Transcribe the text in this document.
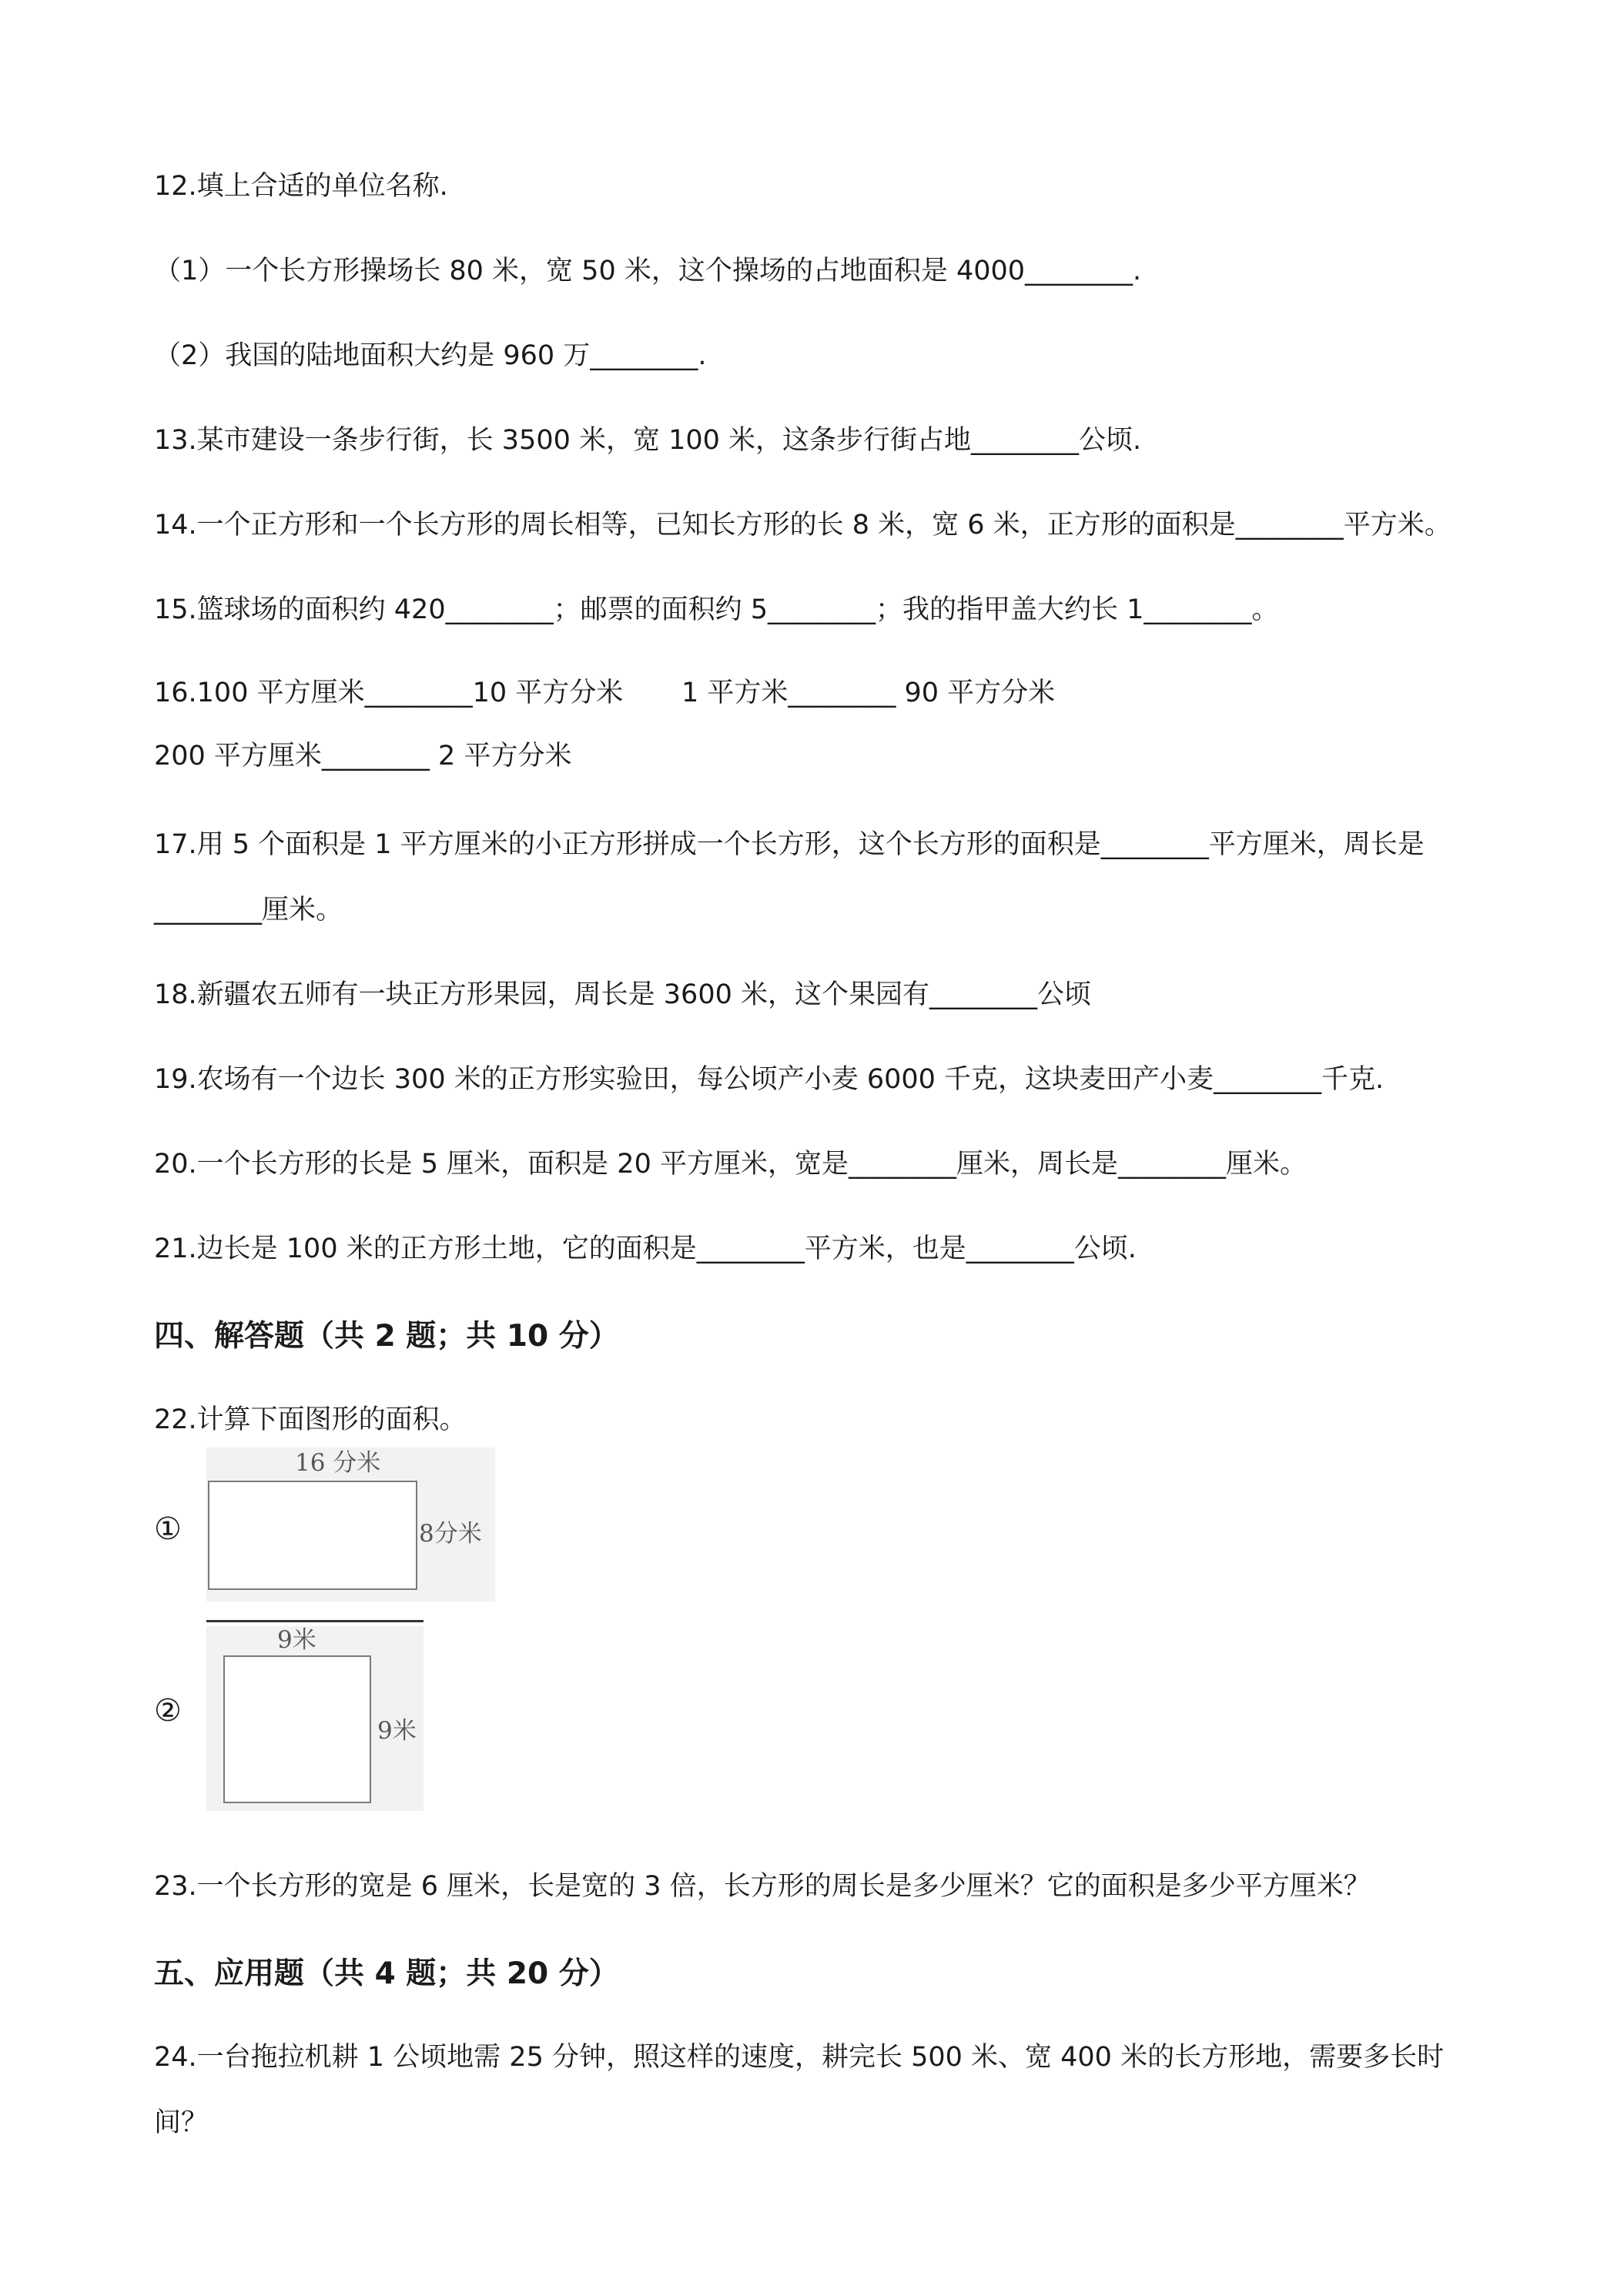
12.填上合适的单位名称.
（1）一个长方形操场长 80 米，宽 50 米，这个操场的占地面积是 4000________.
（2）我国的陆地面积大约是 960 万________.
13.某市建设一条步行街，长 3500 米，宽 100 米，这条步行街占地________公顷.
14.一个正方形和一个长方形的周长相等，已知长方形的长 8 米，宽 6 米，正方形的面积是________平方米。
15.篮球场的面积约 420________；邮票的面积约 5________；我的指甲盖大约长 1________。
16.100 平方厘米________10 平方分米 1 平方米________ 90 平方分米
200 平方厘米________ 2 平方分米
17.用 5 个面积是 1 平方厘米的小正方形拼成一个长方形，这个长方形的面积是________平方厘米，周长是
________厘米。
18.新疆农五师有一块正方形果园，周长是 3600 米，这个果园有________公顷
19.农场有一个边长 300 米的正方形实验田，每公顷产小麦 6000 千克，这块麦田产小麦________千克.
20.一个长方形的长是 5 厘米，面积是 20 平方厘米，宽是________厘米，周长是________厘米。
21.边长是 100 米的正方形土地，它的面积是________平方米，也是________公顷.
四、解答题（共 2 题；共 10 分）
22.计算下面图形的面积。
①
16 分米
8分米
②
9米
9米
23.一个长方形的宽是 6 厘米，长是宽的 3 倍，长方形的周长是多少厘米？它的面积是多少平方厘米？
五、应用题（共 4 题；共 20 分）
24.一台拖拉机耕 1 公顷地需 25 分钟，照这样的速度，耕完长 500 米、宽 400 米的长方形地，需要多长时
间？
